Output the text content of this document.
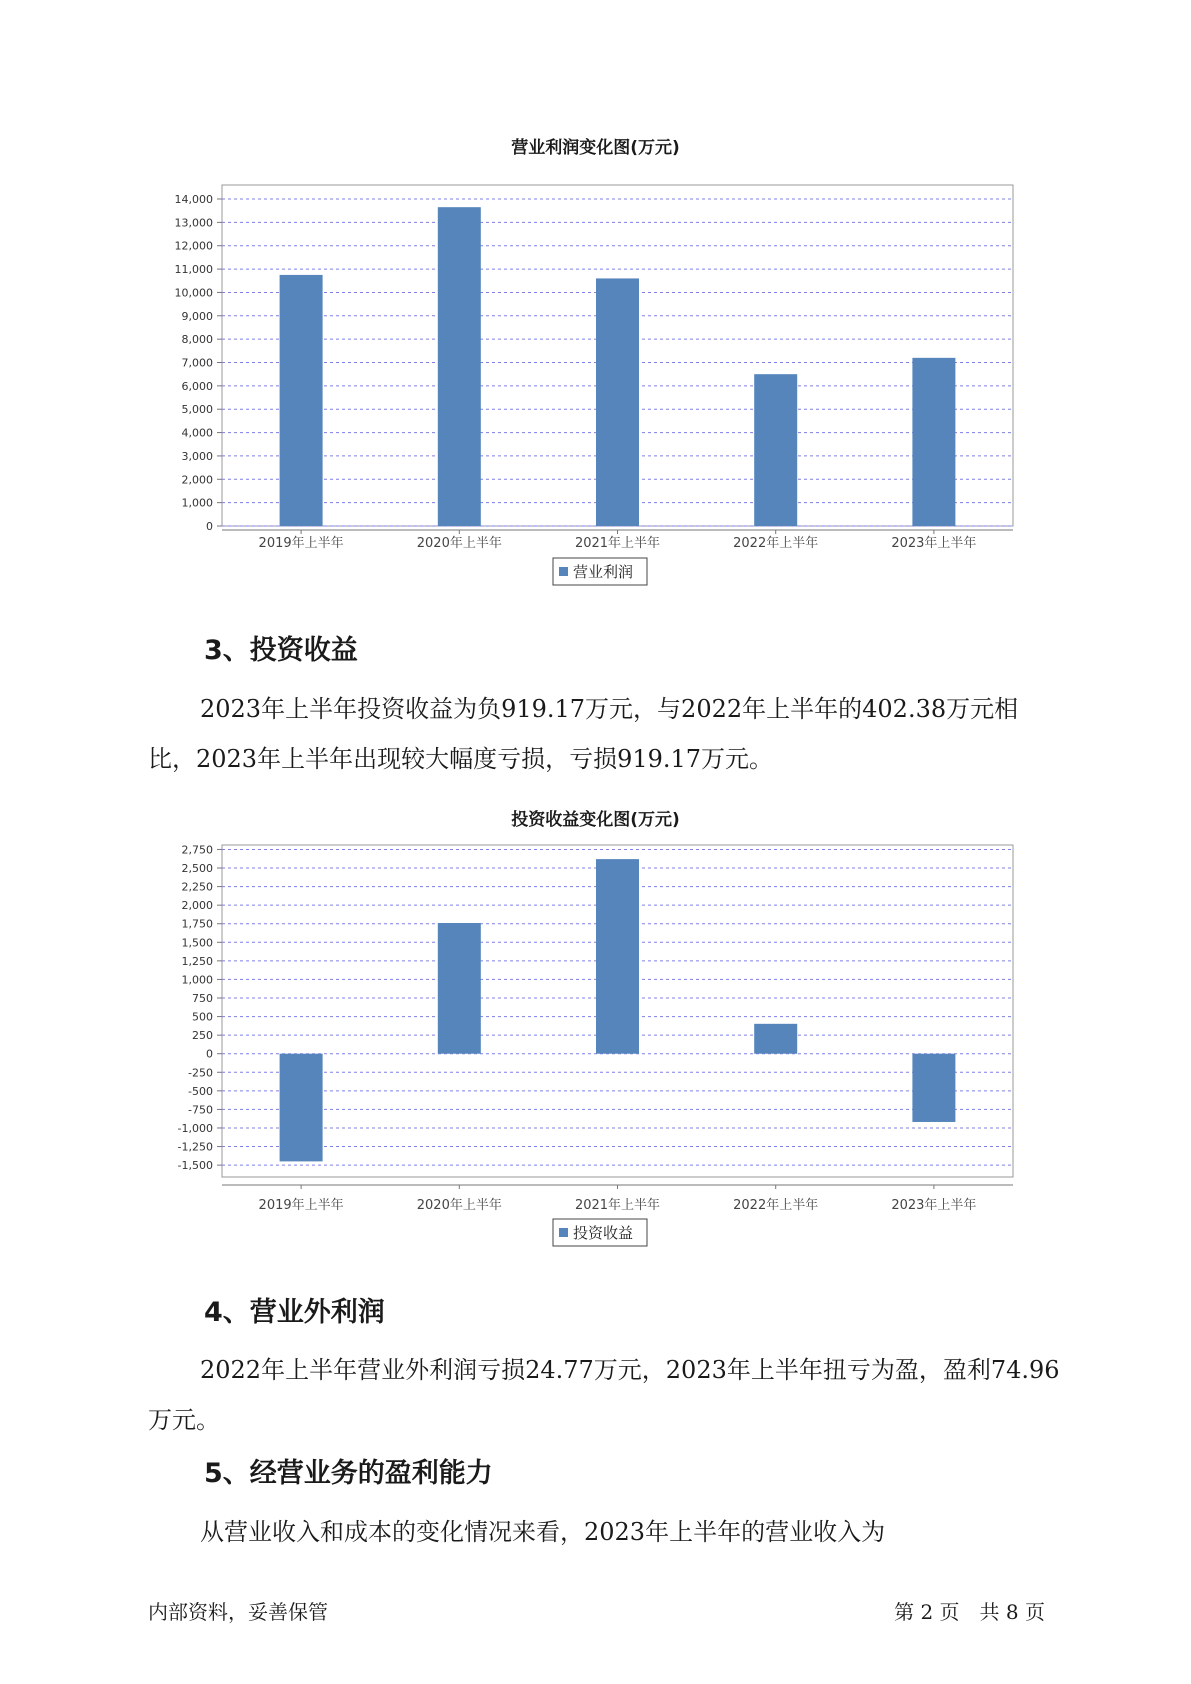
营业利润变化图(万元)
0
1,000
2,000
3,000
4,000
5,000
6,000
7,000
8,000
9,000
10,000
11,000
12,000
13,000
14,000
2019年上半年	2020年上半年	2021年上半年	2022年上半年	2023年上半年
营业利润
3、投资收益
2023年上半年投资收益为负919.17万元，与2022年上半年的402.38万元相比，2023年上半年出现较大幅度亏损，亏损919.17万元。
投资收益变化图(万元)
-1,500
-1,250
-1,000
-750
-500
-250
0
250
500
750
1,000
1,250
1,500
1,750
2,000
2,250
2,500
2,750
2019年上半年	2020年上半年	2021年上半年	2022年上半年	2023年上半年
投资收益
4、营业外利润
2022年上半年营业外利润亏损24.77万元，2023年上半年扭亏为盈，盈利74.96万元。
5、经营业务的盈利能力
从营业收入和成本的变化情况来看，2023年上半年的营业收入为
内部资料，妥善保管	第 2 页　共 8 页
